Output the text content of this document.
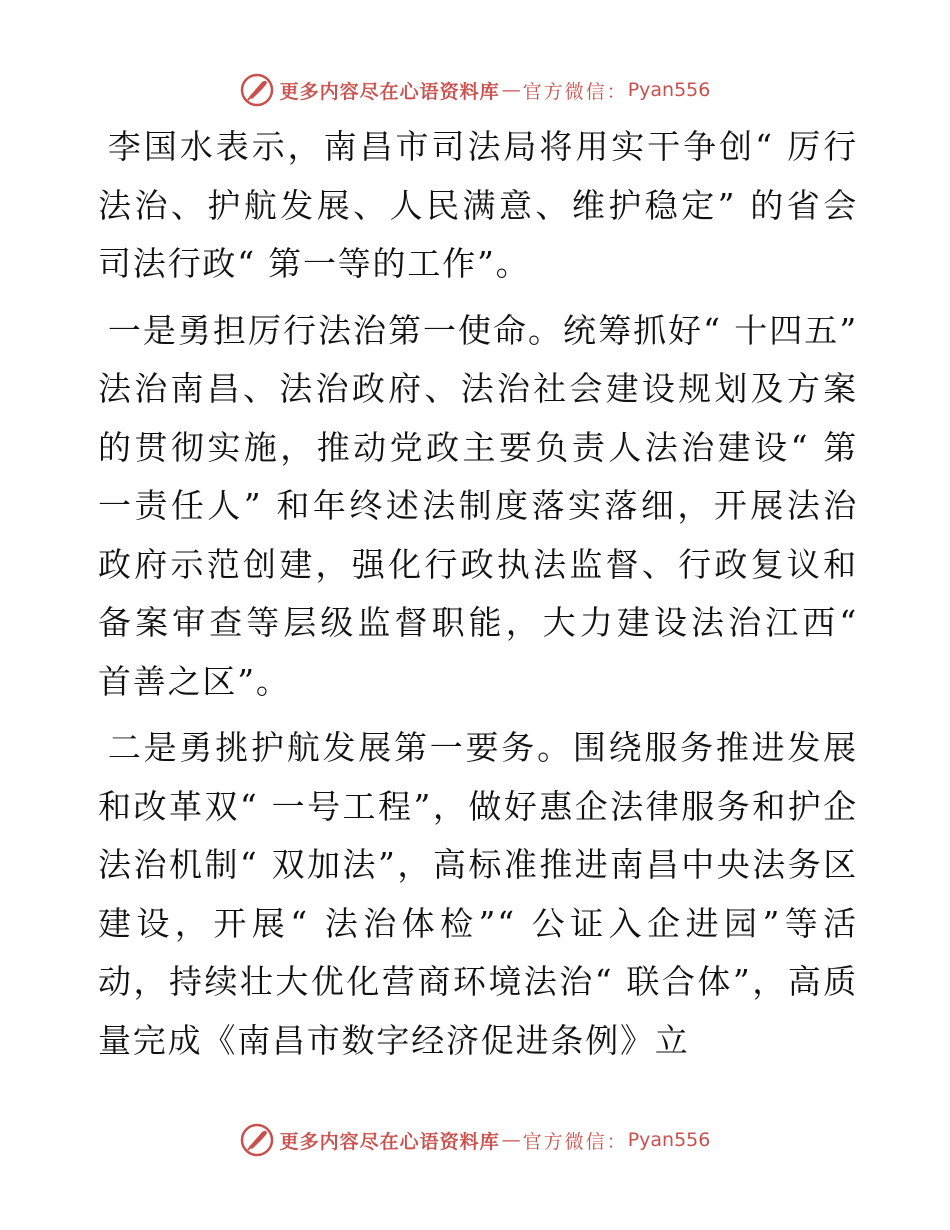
更多内容尽在心语资料库 — 官方微信： Pyan556

李国水表示，南昌市司法局将用实干争创“ 厉行法治、护航发展、人民满意、维护稳定” 的省会司法行政“ 第一等的工作”。

一是勇担厉行法治第一使命。统筹抓好“ 十四五” 法治南昌、法治政府、法治社会建设规划及方案的贯彻实施，推动党政主要负责人法治建设“ 第一责任人” 和年终述法制度落实落细，开展法治政府示范创建，强化行政执法监督、行政复议和备案审查等层级监督职能，大力建设法治江西“ 首善之区”。

二是勇挑护航发展第一要务。围绕服务推进发展和改革双“ 一号工程”，做好惠企法律服务和护企法治机制“ 双加法”，高标准推进南昌中央法务区建设，开展“ 法治体检”“ 公证入企进园”等活动，持续壮大优化营商环境法治“ 联合体”，高质量完成《南昌市数字经济促进条例》立

更多内容尽在心语资料库 — 官方微信： Pyan556
